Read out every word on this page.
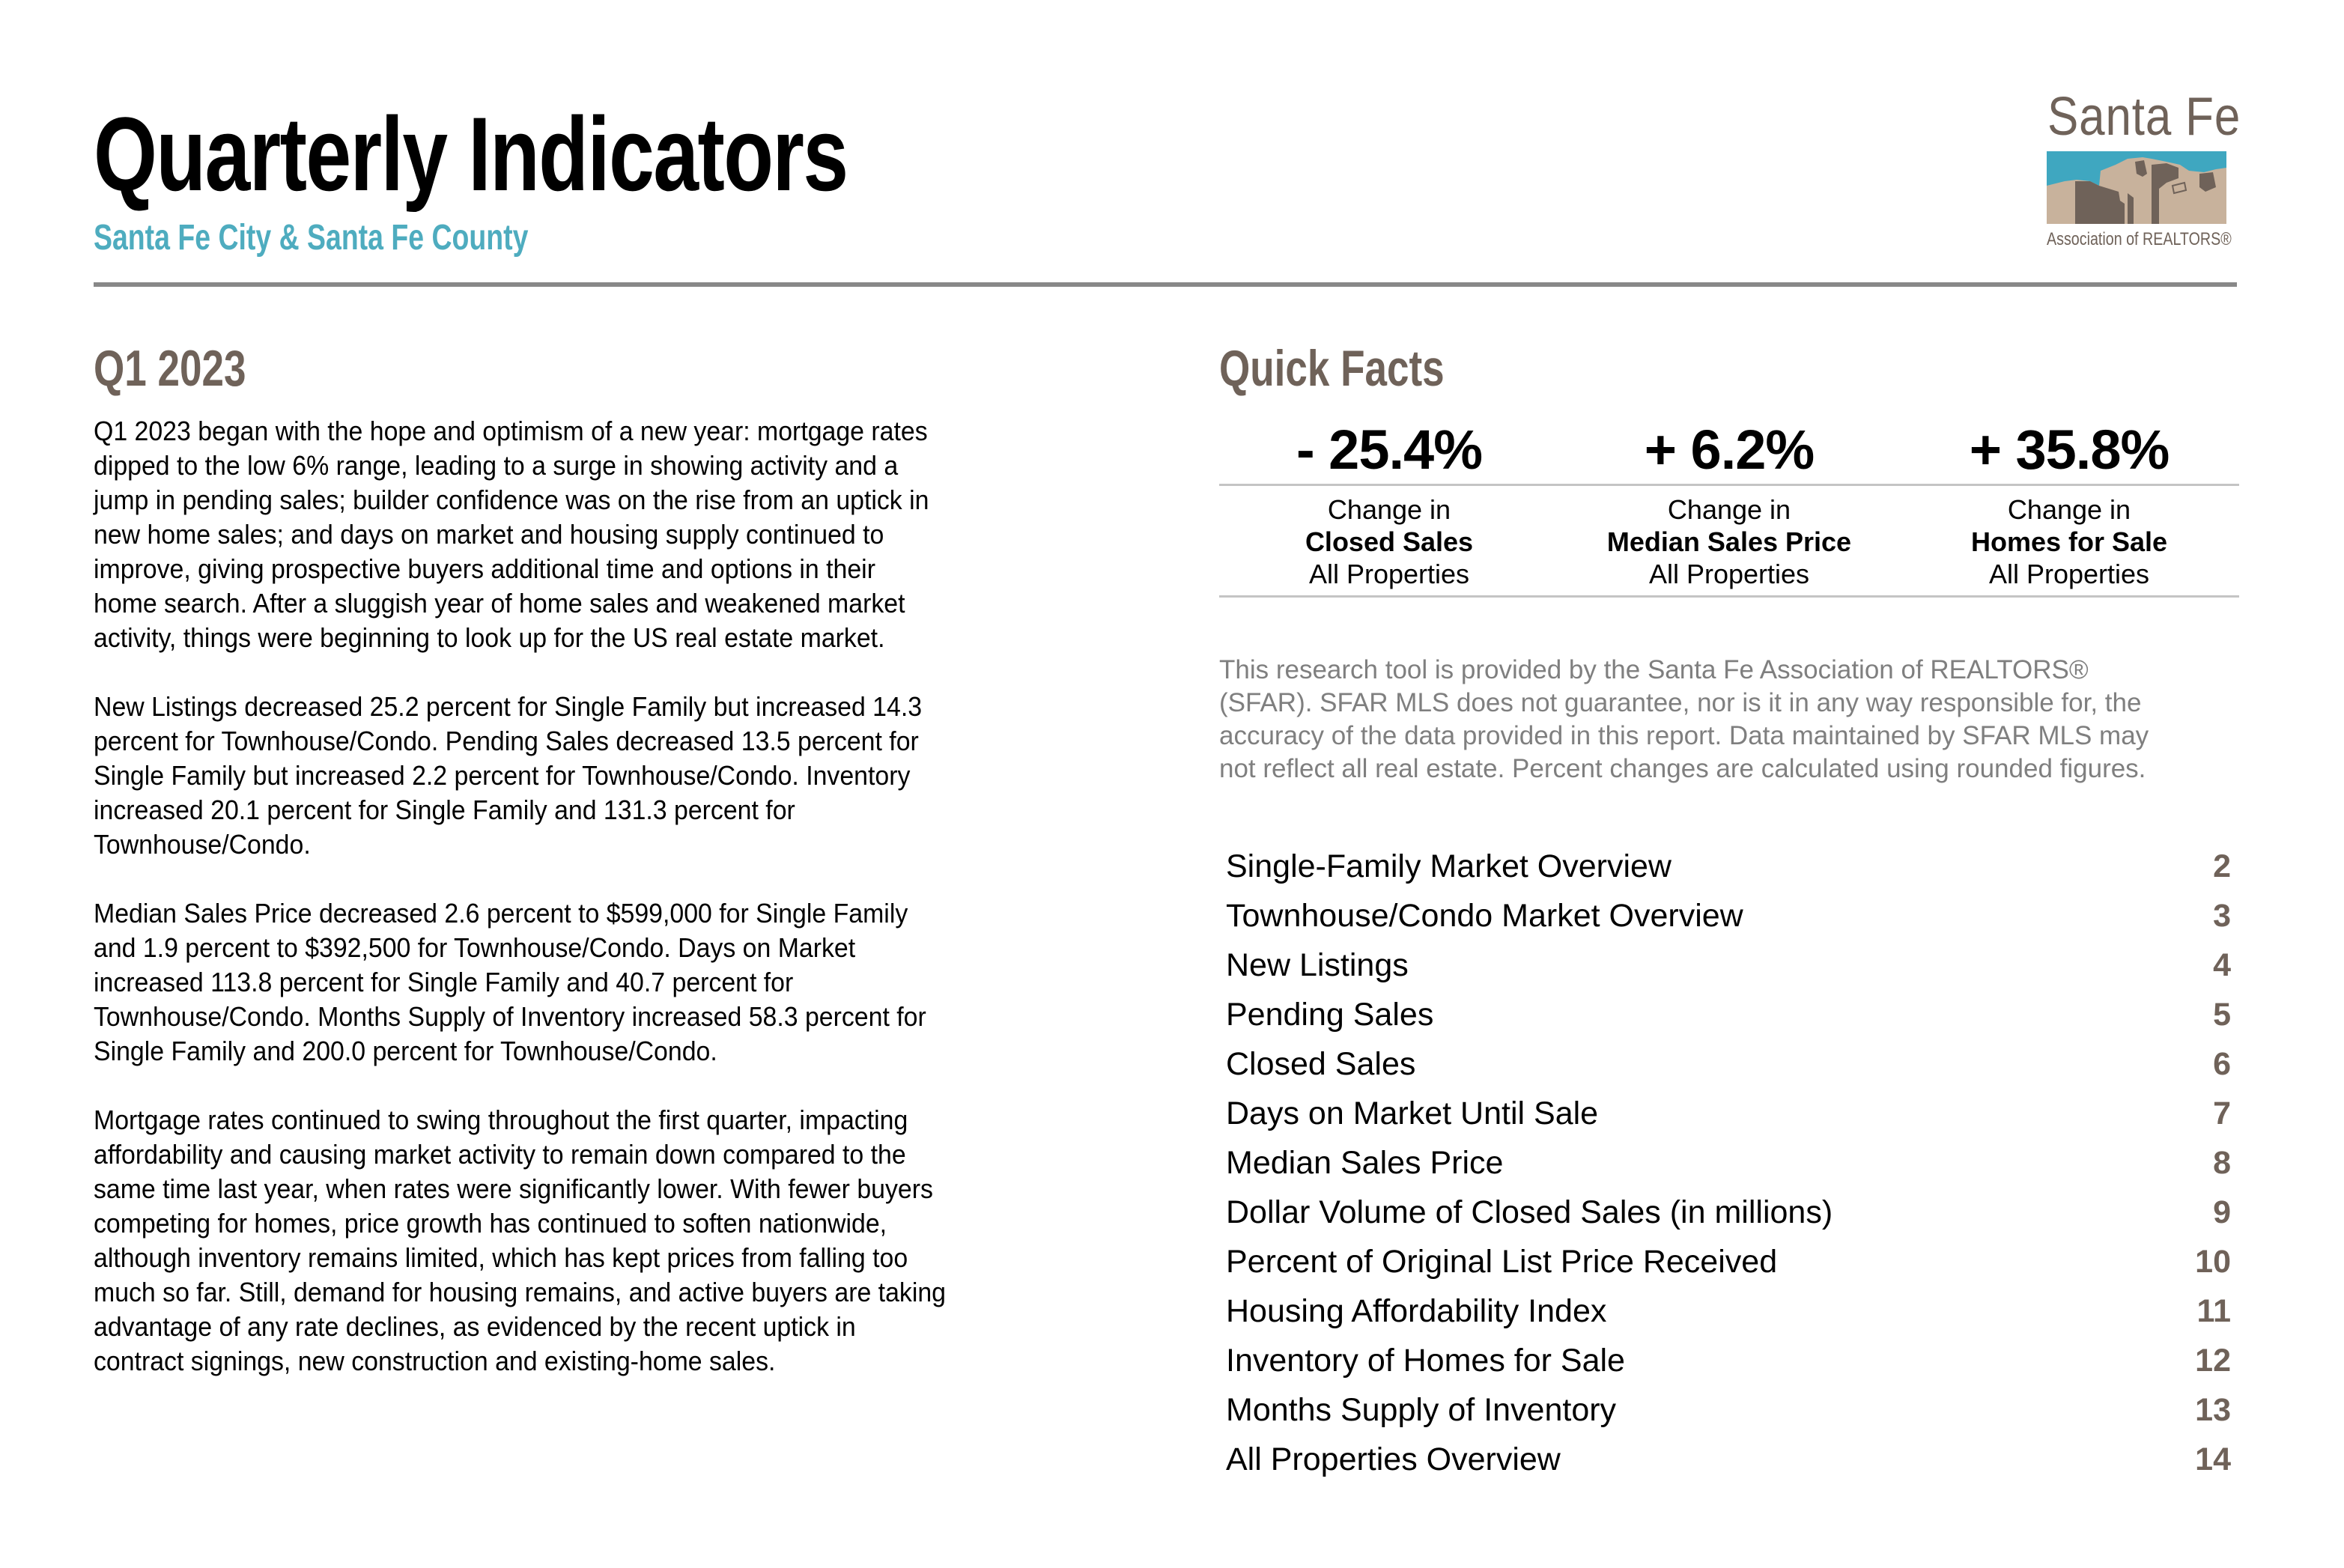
Quarterly Indicators
Santa Fe City & Santa Fe County
Santa Fe
Association of REALTORS®
Q1 2023

Q1 2023 began with the hope and optimism of a new year: mortgage rates
dipped to the low 6% range, leading to a surge in showing activity and a
jump in pending sales; builder confidence was on the rise from an uptick in
new home sales; and days on market and housing supply continued to
improve, giving prospective buyers additional time and options in their
home search. After a sluggish year of home sales and weakened market
activity, things were beginning to look up for the US real estate market.

New Listings decreased 25.2 percent for Single Family but increased 14.3
percent for Townhouse/Condo. Pending Sales decreased 13.5 percent for
Single Family but increased 2.2 percent for Townhouse/Condo. Inventory
increased 20.1 percent for Single Family and 131.3 percent for
Townhouse/Condo.

Median Sales Price decreased 2.6 percent to $599,000 for Single Family
and 1.9 percent to $392,500 for Townhouse/Condo. Days on Market
increased 113.8 percent for Single Family and 40.7 percent for
Townhouse/Condo. Months Supply of Inventory increased 58.3 percent for
Single Family and 200.0 percent for Townhouse/Condo.

Mortgage rates continued to swing throughout the first quarter, impacting
affordability and causing market activity to remain down compared to the
same time last year, when rates were significantly lower. With fewer buyers
competing for homes, price growth has continued to soften nationwide,
although inventory remains limited, which has kept prices from falling too
much so far. Still, demand for housing remains, and active buyers are taking
advantage of any rate declines, as evidenced by the recent uptick in
contract signings, new construction and existing-home sales.

Quick Facts
- 25.4%	+ 6.2%	+ 35.8%
Change in
Closed Sales
All Properties
Change in
Median Sales Price
All Properties
Change in
Homes for Sale
All Properties
This research tool is provided by the Santa Fe Association of REALTORS®
(SFAR). SFAR MLS does not guarantee, nor is it in any way responsible for, the
accuracy of the data provided in this report. Data maintained by SFAR MLS may
not reflect all real estate. Percent changes are calculated using rounded figures.
Single-Family Market Overview	2
Townhouse/Condo Market Overview	3
New Listings	4
Pending Sales	5
Closed Sales	6
Days on Market Until Sale	7
Median Sales Price	8
Dollar Volume of Closed Sales (in millions)	9
Percent of Original List Price Received	10
Housing Affordability Index	11
Inventory of Homes for Sale	12
Months Supply of Inventory	13
All Properties Overview	14
